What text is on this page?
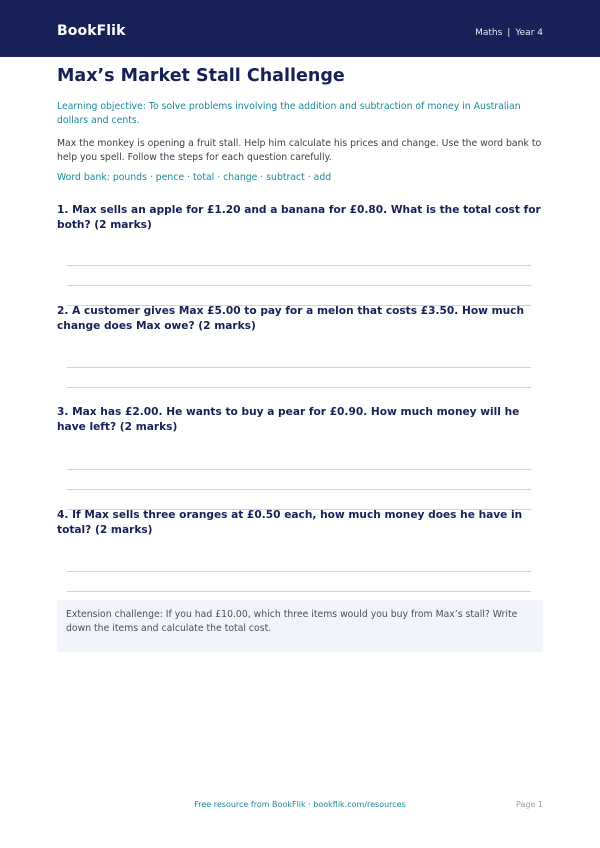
BookFlik	Maths | Year 4
Max’s Market Stall Challenge

Learning objective: To solve problems involving the addition and subtraction of money in Australian dollars and cents.

Max the monkey is opening a fruit stall. Help him calculate his prices and change. Use the word bank to help you spell. Follow the steps for each question carefully.

Word bank: pounds · pence · total · change · subtract · add

1. Max sells an apple for £1.20 and a banana for £0.80. What is the total cost for both? (2 marks)
2. A customer gives Max £5.00 to pay for a melon that costs £3.50. How much change does Max owe? (2 marks)
3. Max has £2.00. He wants to buy a pear for £0.90. How much money will he have left? (2 marks)
4. If Max sells three oranges at £0.50 each, how much money does he have in total? (2 marks)
Extension challenge: If you had £10.00, which three items would you buy from Max’s stall? Write down the items and calculate the total cost.
Free resource from BookFlik · bookflik.com/resources	Page 1
